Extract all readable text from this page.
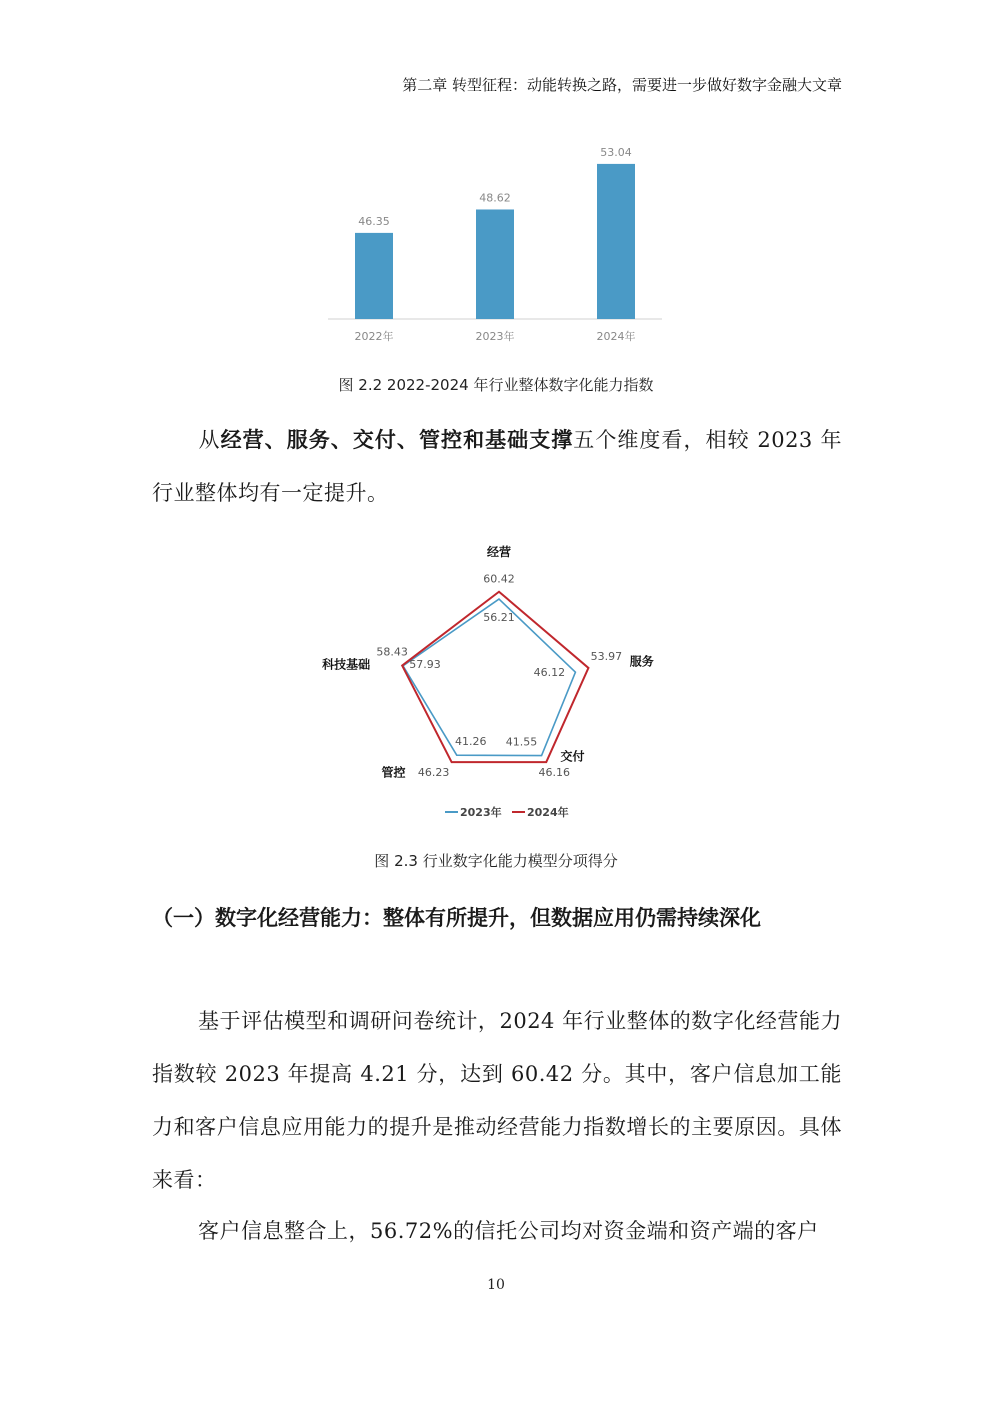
第二章 转型征程：动能转换之路，需要进一步做好数字金融大文章
46.35
2022年
48.62
2023年
53.04
2024年
图 2.2 2022-2024 年行业整体数字化能力指数
从经营、服务、交付、管控和基础支撑五个维度看，相较 2023 年行业整体均有一定提升。
56.21
46.12
41.55
41.26
57.93
60.42
53.97
46.16
46.23
58.43
经营
服务
交付
管控
科技基础
2023年 2024年
图 2.3 行业数字化能力模型分项得分
（一）数字化经营能力：整体有所提升，但数据应用仍需持续深化
基于评估模型和调研问卷统计，2024 年行业整体的数字化经营能力指数较 2023 年提高 4.21 分，达到 60.42 分。其中，客户信息加工能力和客户信息应用能力的提升是推动经营能力指数增长的主要原因。具体来看：
客户信息整合上，56.72%的信托公司均对资金端和资产端的客户
10
